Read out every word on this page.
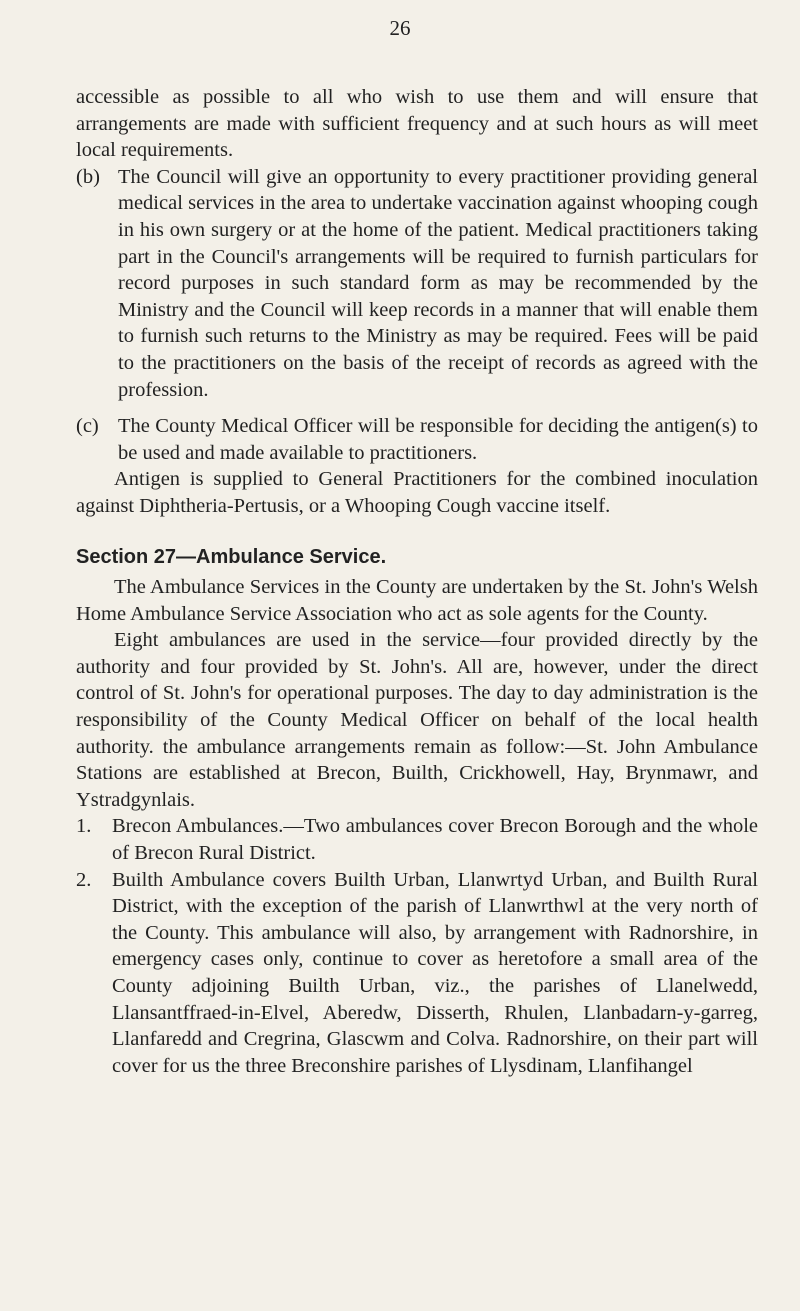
26

accessible as possible to all who wish to use them and will ensure that arrangements are made with sufficient frequency and at such hours as will meet local requirements.

(b) The Council will give an opportunity to every practitioner providing general medical services in the area to undertake vaccination against whooping cough in his own surgery or at the home of the patient. Medical practitioners taking part in the Council's arrangements will be required to furnish particulars for record purposes in such standard form as may be recommended by the Ministry and the Council will keep records in a manner that will enable them to furnish such returns to the Ministry as may be required. Fees will be paid to the practitioners on the basis of the receipt of records as agreed with the profession.

(c) The County Medical Officer will be responsible for deciding the antigen(s) to be used and made available to practitioners.

Antigen is supplied to General Practitioners for the combined inoculation against Diphtheria-Pertusis, or a Whooping Cough vaccine itself.

Section 27—Ambulance Service.

The Ambulance Services in the County are undertaken by the St. John's Welsh Home Ambulance Service Association who act as sole agents for the County.

Eight ambulances are used in the service—four provided directly by the authority and four provided by St. John's. All are, however, under the direct control of St. John's for operational purposes. The day to day administration is the responsibility of the County Medical Officer on behalf of the local health authority. the ambulance arrangements remain as follow:—St. John Ambulance Stations are established at Brecon, Builth, Crickhowell, Hay, Brynmawr, and Ystradgynlais.

1. Brecon Ambulances.—Two ambulances cover Brecon Borough and the whole of Brecon Rural District.

2. Builth Ambulance covers Builth Urban, Llanwrtyd Urban, and Builth Rural District, with the exception of the parish of Llanwrthwl at the very north of the County. This ambulance will also, by arrangement with Radnorshire, in emergency cases only, continue to cover as heretofore a small area of the County adjoining Builth Urban, viz., the parishes of Llanelwedd, Llansantffraed-in-Elvel, Aberedw, Disserth, Rhulen, Llanbadarn-y-garreg, Llanfaredd and Cregrina, Glascwm and Colva. Radnorshire, on their part will cover for us the three Breconshire parishes of Llysdinam, Llanfihangel
